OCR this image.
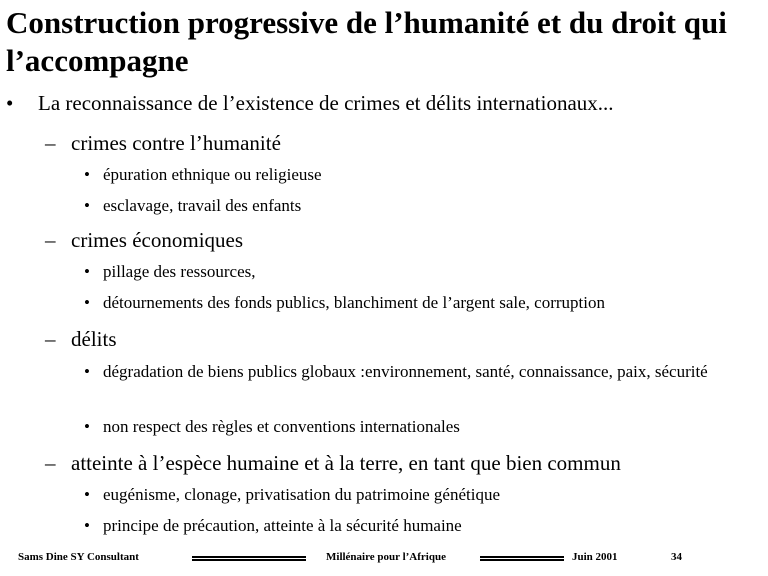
Construction progressive de l’humanité et du droit qui l’accompagne
• La reconnaissance de l’existence de crimes et délits internationaux...
– crimes contre l’humanité
• épuration ethnique ou religieuse
• esclavage, travail des enfants
– crimes économiques
• pillage des ressources,
• détournements des fonds publics, blanchiment de l’argent sale, corruption
– délits
• dégradation de biens publics globaux :environnement, santé, connaissance, paix, sécurité
• non respect des règles et conventions internationales
– atteinte à l’espèce humaine et à la terre, en tant que bien commun
• eugénisme, clonage, privatisation du patrimoine génétique
• principe de précaution, atteinte à la sécurité humaine
Sams Dine SY Consultant	Millénaire pour l’Afrique	Juin 2001	34
